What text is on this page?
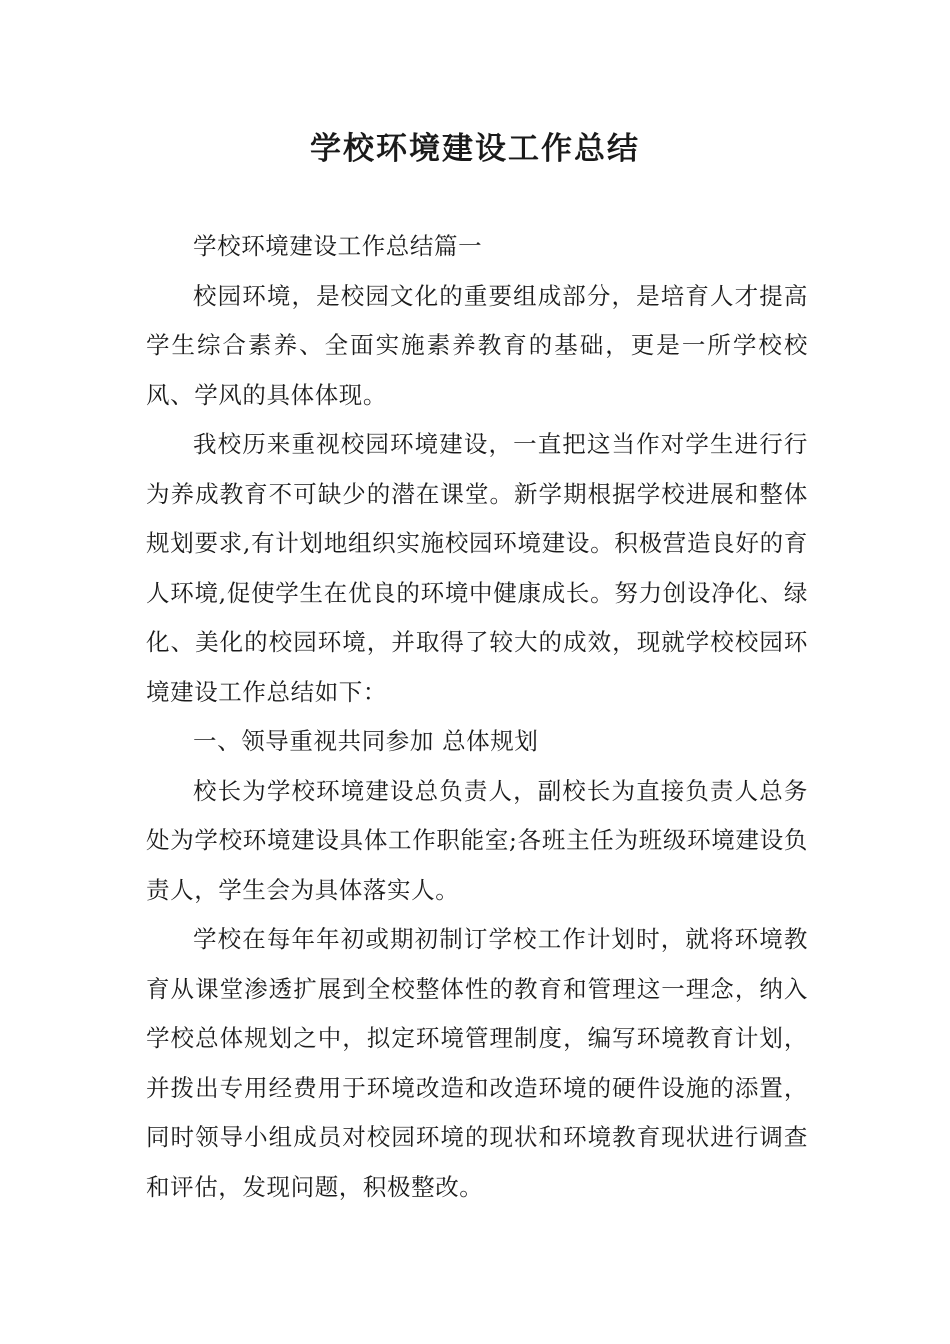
学校环境建设工作总结

学校环境建设工作总结篇一

校园环境，是校园文化的重要组成部分，是培育人才提高学生综合素养、全面实施素养教育的基础，更是一所学校校风、学风的具体体现。

我校历来重视校园环境建设，一直把这当作对学生进行行为养成教育不可缺少的潜在课堂。新学期根据学校进展和整体规划要求,有计划地组织实施校园环境建设。积极营造良好的育人环境,促使学生在优良的环境中健康成长。努力创设净化、绿化、美化的校园环境，并取得了较大的成效，现就学校校园环境建设工作总结如下：

一、领导重视共同参加 总体规划

校长为学校环境建设总负责人，副校长为直接负责人总务处为学校环境建设具体工作职能室;各班主任为班级环境建设负责人，学生会为具体落实人。

学校在每年年初或期初制订学校工作计划时，就将环境教育从课堂渗透扩展到全校整体性的教育和管理这一理念，纳入学校总体规划之中，拟定环境管理制度，编写环境教育计划，并拨出专用经费用于环境改造和改造环境的硬件设施的添置，同时领导小组成员对校园环境的现状和环境教育现状进行调查和评估，发现问题，积极整改。
